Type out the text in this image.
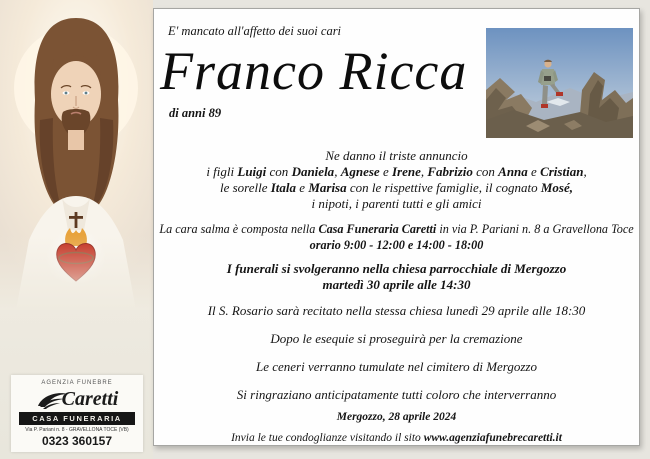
AGENZIA FUNEBRE
Caretti
CASA FUNERARIA
Via P. Pariani n. 8 - GRAVELLONA TOCE (VB)
0323 360157
E' mancato all'affetto dei suoi cari
Franco Ricca
di anni 89
Ne danno il triste annuncio
i figli Luigi con Daniela, Agnese e Irene, Fabrizio con Anna e Cristian,
le sorelle Itala e Marisa con le rispettive famiglie, il cognato Mosé,
i nipoti, i parenti tutti e gli amici
La cara salma è composta nella Casa Funeraria Caretti in via P. Pariani n. 8 a Gravellona Toce
orario 9:00 - 12:00 e 14:00 - 18:00
I funerali si svolgeranno nella chiesa parrocchiale di Mergozzo
martedì 30 aprile alle 14:30
Il S. Rosario sarà recitato nella stessa chiesa lunedì 29 aprile alle 18:30
Dopo le esequie si proseguirà per la cremazione
Le ceneri verranno tumulate nel cimitero di Mergozzo
Si ringraziano anticipatamente tutti coloro che interverranno
Mergozzo, 28 aprile 2024
Invia le tue condoglianze visitando il sito www.agenziafunebrecaretti.it
